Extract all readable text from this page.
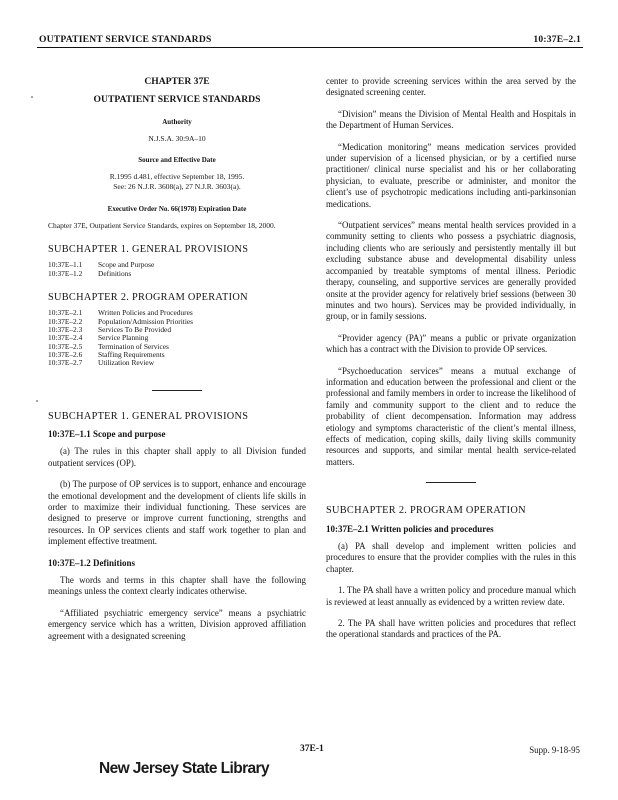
OUTPATIENT SERVICE STANDARDS	10:37E–2.1
CHAPTER 37E
OUTPATIENT SERVICE STANDARDS
Authority
N.J.S.A. 30:9A–10
Source and Effective Date
R.1995 d.481, effective September 18, 1995.
See: 26 N.J.R. 3608(a), 27 N.J.R. 3603(a).
Executive Order No. 66(1978) Expiration Date
Chapter 37E, Outpatient Service Standards, expires on September 18, 2000.
SUBCHAPTER 1. GENERAL PROVISIONS
10:37E–1.1	Scope and Purpose
10:37E–1.2	Definitions
SUBCHAPTER 2. PROGRAM OPERATION
10:37E–2.1	Written Policies and Procedures
10:37E–2.2	Population/Admission Priorities
10:37E–2.3	Services To Be Provided
10:37E–2.4	Service Planning
10:37E–2.5	Termination of Services
10:37E–2.6	Staffing Requirements
10:37E–2.7	Utilization Review
SUBCHAPTER 1. GENERAL PROVISIONS
10:37E–1.1 Scope and purpose

(a) The rules in this chapter shall apply to all Division funded outpatient services (OP).

(b) The purpose of OP services is to support, enhance and encourage the emotional development and the development of clients life skills in order to maximize their individual functioning. These services are designed to preserve or improve current functioning, strengths and resources. In OP services clients and staff work together to plan and implement effective treatment.

10:37E–1.2 Definitions

The words and terms in this chapter shall have the following meanings unless the context clearly indicates otherwise.

“Affiliated psychiatric emergency service” means a psychiatric emergency service which has a written, Division approved affiliation agreement with a designated screening

center to provide screening services within the area served by the designated screening center.

“Division” means the Division of Mental Health and Hospitals in the Department of Human Services.

“Medication monitoring” means medication services provided under supervision of a licensed physician, or by a certified nurse practitioner/ clinical nurse specialist and his or her collaborating physician, to evaluate, prescribe or administer, and monitor the client’s use of psychotropic medications including anti-parkinsonian medications.

“Outpatient services” means mental health services provided in a community setting to clients who possess a psychiatric diagnosis, including clients who are seriously and persistently mentally ill but excluding substance abuse and developmental disability unless accompanied by treatable symptoms of mental illness. Periodic therapy, counseling, and supportive services are generally provided onsite at the provider agency for relatively brief sessions (between 30 minutes and two hours). Services may be provided individually, in group, or in family sessions.

“Provider agency (PA)” means a public or private organization which has a contract with the Division to provide OP services.

“Psychoeducation services” means a mutual exchange of information and education between the professional and client or the professional and family members in order to increase the likelihood of family and community support to the client and to reduce the probability of client decompensation. Information may address etiology and symptoms characteristic of the client’s mental illness, effects of medication, coping skills, daily living skills community resources and supports, and similar mental health service-related matters.

SUBCHAPTER 2. PROGRAM OPERATION
10:37E–2.1 Written policies and procedures

(a) PA shall develop and implement written policies and procedures to ensure that the provider complies with the rules in this chapter.

1. The PA shall have a written policy and procedure manual which is reviewed at least annually as evidenced by a written review date.

2. The PA shall have written policies and procedures that reflect the operational standards and practices of the PA.

37E-1	Supp. 9-18-95
New Jersey State Library
